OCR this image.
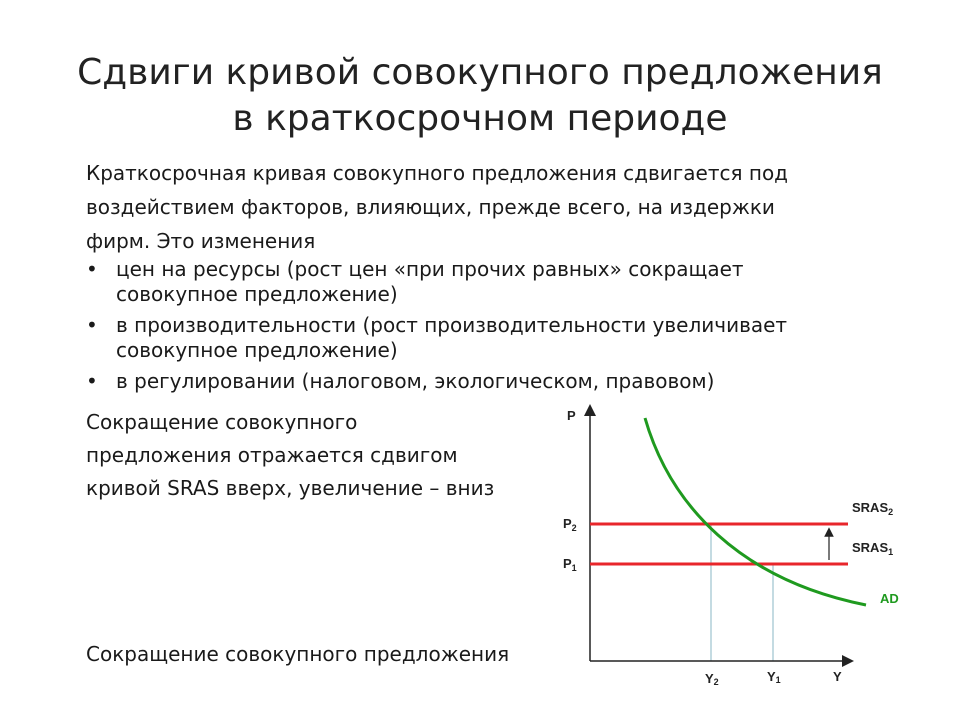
Сдвиги кривой совокупного предложения
в краткосрочном периоде
Краткосрочная кривая совокупного предложения сдвигается под
воздействием факторов, влияющих, прежде всего, на издержки
фирм. Это изменения
• цен на ресурсы (рост цен «при прочих равных» сокращает
совокупное предложение)
• в производительности (рост производительности увеличивает
совокупное предложение)
• в регулировании (налоговом, экологическом, правовом)
Сокращение совокупного
предложения отражается сдвигом
кривой SRAS вверх, увеличение – вниз
Сокращение совокупного предложения
P
Y
$P_2$
$P_1$
Y2	Y1
$SRAS_2$
$SRAS_1$
AD
